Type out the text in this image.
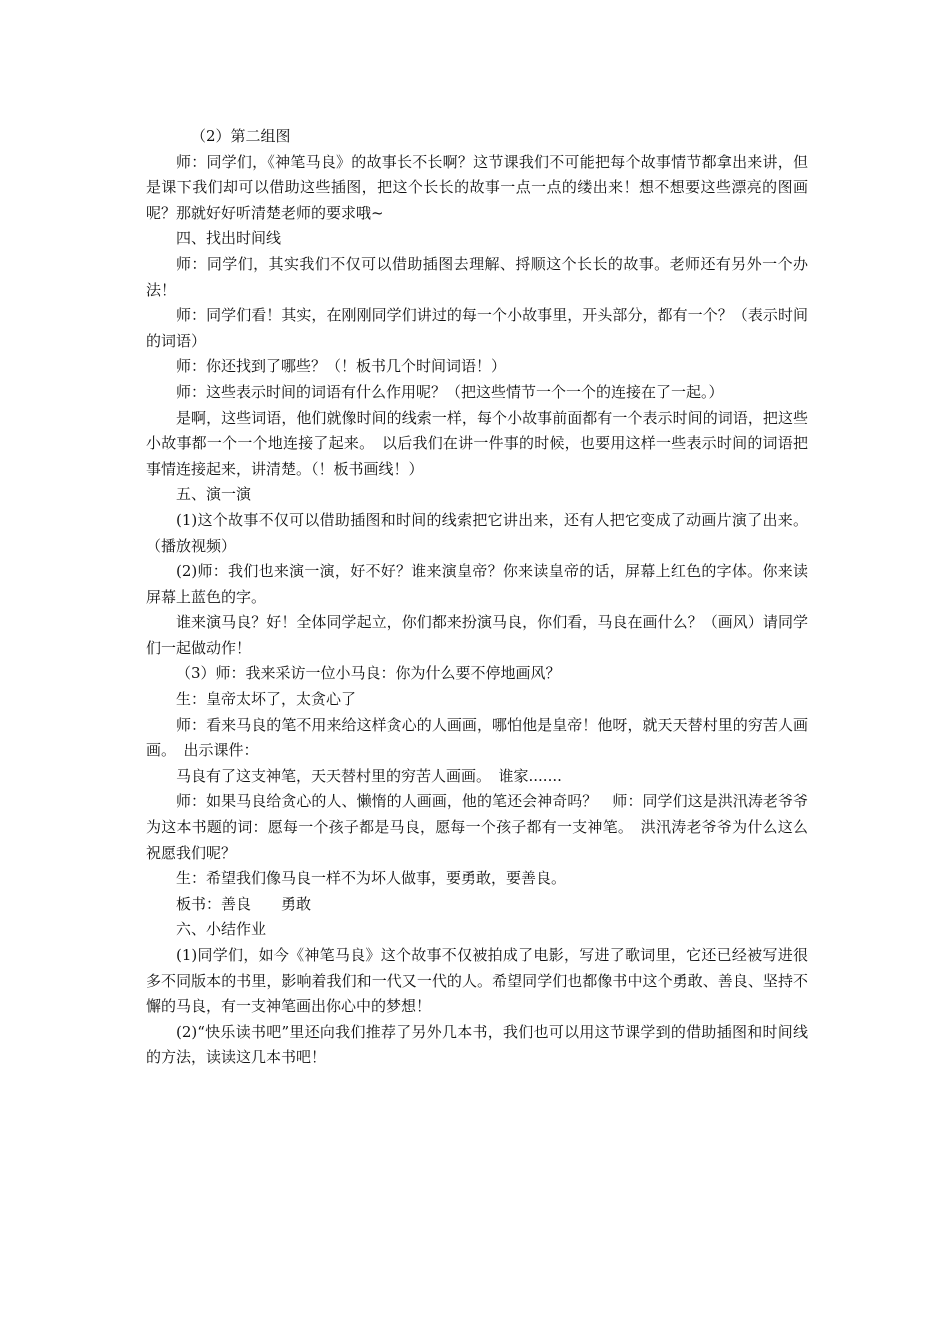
（2）第二组图

师：同学们，《神笔马良》的故事长不长啊？这节课我们不可能把每个故事情节都拿出来讲，但是课下我们却可以借助这些插图，把这个长长的故事一点一点的缕出来！想不想要这些漂亮的图画呢？那就好好听清楚老师的要求哦~

四、找出时间线

师：同学们，其实我们不仅可以借助插图去理解、捋顺这个长长的故事。老师还有另外一个办法！

师：同学们看！其实，在刚刚同学们讲过的每一个小故事里，开头部分，都有一个？（表示时间的词语）

师：你还找到了哪些？（！板书几个时间词语！）

师：这些表示时间的词语有什么作用呢？（把这些情节一个一个的连接在了一起。）

是啊，这些词语，他们就像时间的线索一样，每个小故事前面都有一个表示时间的词语，把这些小故事都一个一个地连接了起来。　以后我们在讲一件事的时候，也要用这样一些表示时间的词语把事情连接起来，讲清楚。（！板书画线！）

五、演一演

(1)这个故事不仅可以借助插图和时间的线索把它讲出来，还有人把它变成了动画片演了出来。（播放视频）

(2)师：我们也来演一演，好不好？谁来演皇帝？你来读皇帝的话，屏幕上红色的字体。你来读屏幕上蓝色的字。

谁来演马良？好！全体同学起立，你们都来扮演马良，你们看，马良在画什么？（画风）请同学们一起做动作！

（3）师：我来采访一位小马良：你为什么要不停地画风？

生：皇帝太坏了，太贪心了

师：看来马良的笔不用来给这样贪心的人画画，哪怕他是皇帝！他呀，就天天替村里的穷苦人画画。　出示课件：

马良有了这支神笔，天天替村里的穷苦人画画。　谁家.......

师：如果马良给贪心的人、懒惰的人画画，他的笔还会神奇吗？　师：同学们这是洪汛涛老爷爷为这本书题的词：愿每一个孩子都是马良，愿每一个孩子都有一支神笔。　洪汛涛老爷爷为什么这么祝愿我们呢？

生：希望我们像马良一样不为坏人做事，要勇敢，要善良。

板书：善良　　勇敢

六、小结作业

(1)同学们，如今《神笔马良》这个故事不仅被拍成了电影，写进了歌词里，它还已经被写进很多不同版本的书里，影响着我们和一代又一代的人。希望同学们也都像书中这个勇敢、善良、坚持不懈的马良，有一支神笔画出你心中的梦想！

(2)“快乐读书吧”里还向我们推荐了另外几本书，我们也可以用这节课学到的借助插图和时间线的方法，读读这几本书吧！
